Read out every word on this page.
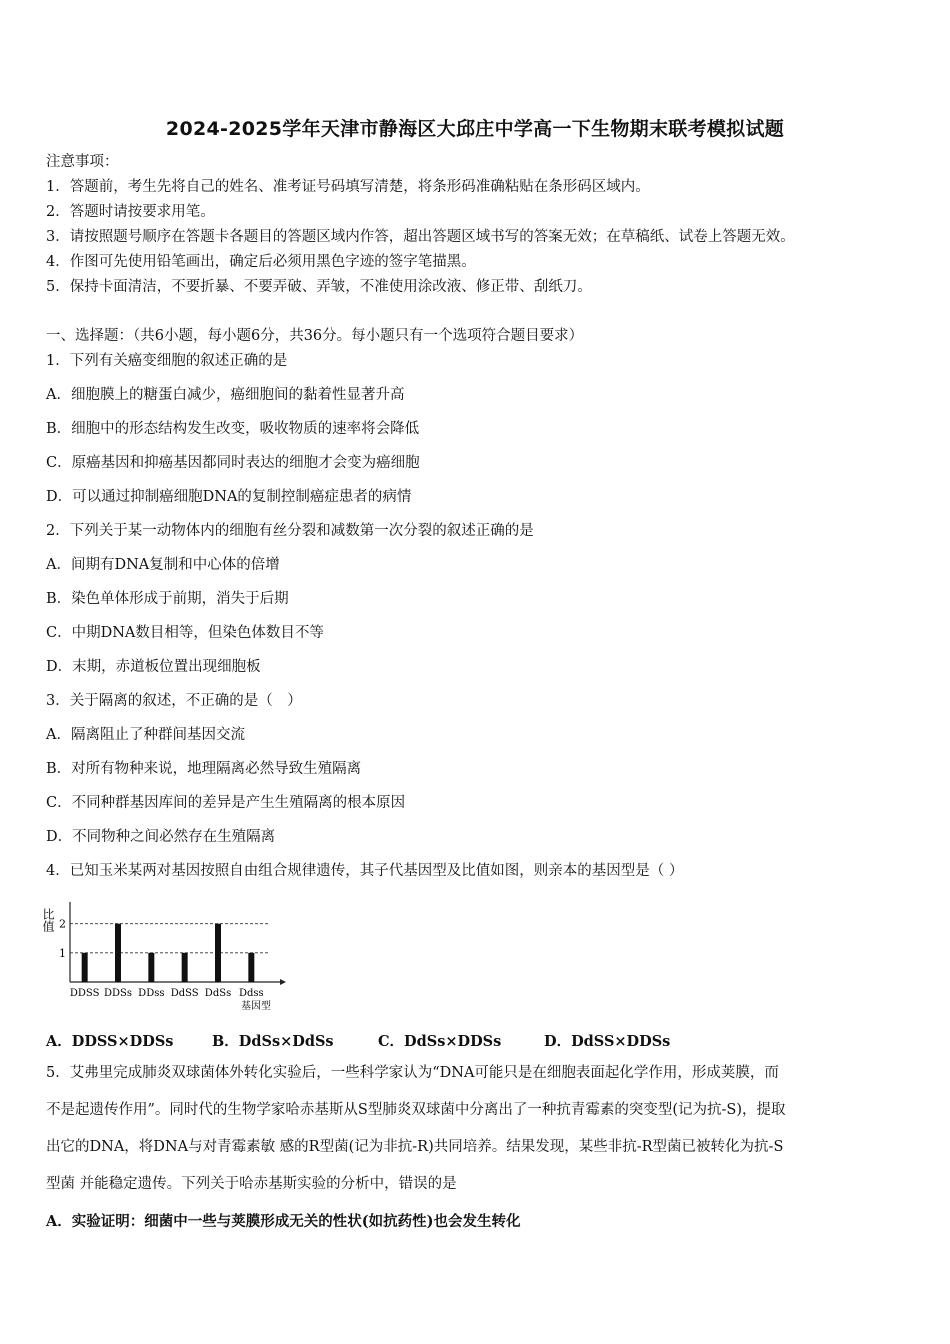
2024-2025学年天津市静海区大邱庄中学高一下生物期末联考模拟试题
注意事项：
1．答题前，考生先将自己的姓名、准考证号码填写清楚，将条形码准确粘贴在条形码区域内。
2．答题时请按要求用笔。
3．请按照题号顺序在答题卡各题目的答题区域内作答，超出答题区域书写的答案无效；在草稿纸、试卷上答题无效。
4．作图可先使用铅笔画出，确定后必须用黑色字迹的签字笔描黑。
5．保持卡面清洁，不要折暴、不要弄破、弄皱，不准使用涂改液、修正带、刮纸刀。
一、选择题：（共6小题，每小题6分，共36分。每小题只有一个选项符合题目要求）
1．下列有关癌变细胞的叙述正确的是
A．细胞膜上的糖蛋白减少，癌细胞间的黏着性显著升高
B．细胞中的形态结构发生改变，吸收物质的速率将会降低
C．原癌基因和抑癌基因都同时表达的细胞才会变为癌细胞
D．可以通过抑制癌细胞DNA的复制控制癌症患者的病情
2．下列关于某一动物体内的细胞有丝分裂和减数第一次分裂的叙述正确的是
A．间期有DNA复制和中心体的倍增
B．染色单体形成于前期，消失于后期
C．中期DNA数目相等，但染色体数目不等
D．末期，赤道板位置出现细胞板
3．关于隔离的叙述，不正确的是（　）
A．隔离阻止了种群间基因交流
B．对所有物种来说，地理隔离必然导致生殖隔离
C．不同种群基因库间的差异是产生生殖隔离的根本原因
D．不同物种之间必然存在生殖隔离
4．已知玉米某两对基因按照自由组合规律遗传，其子代基因型及比值如图，则亲本的基因型是（ ）
比值
1
2
DDSS DDSs DDss DdSS DdSs Ddss
基因型
A．DDSS×DDSs	B．DdSs×DdSs	C．DdSs×DDSs	D．DdSS×DDSs

5．艾弗里完成肺炎双球菌体外转化实验后，一些科学家认为“DNA可能只是在细胞表面起化学作用，形成荚膜，而

不是起遗传作用”。同时代的生物学家哈赤基斯从S型肺炎双球菌中分离出了一种抗青霉素的突变型(记为抗-S)，提取

出它的DNA，将DNA与对青霉素敏 感的R型菌(记为非抗-R)共同培养。结果发现，某些非抗-R型菌已被转化为抗-S

型菌 并能稳定遗传。下列关于哈赤基斯实验的分析中，错误的是

A．实验证明：细菌中一些与荚膜形成无关的性状(如抗药性)也会发生转化
